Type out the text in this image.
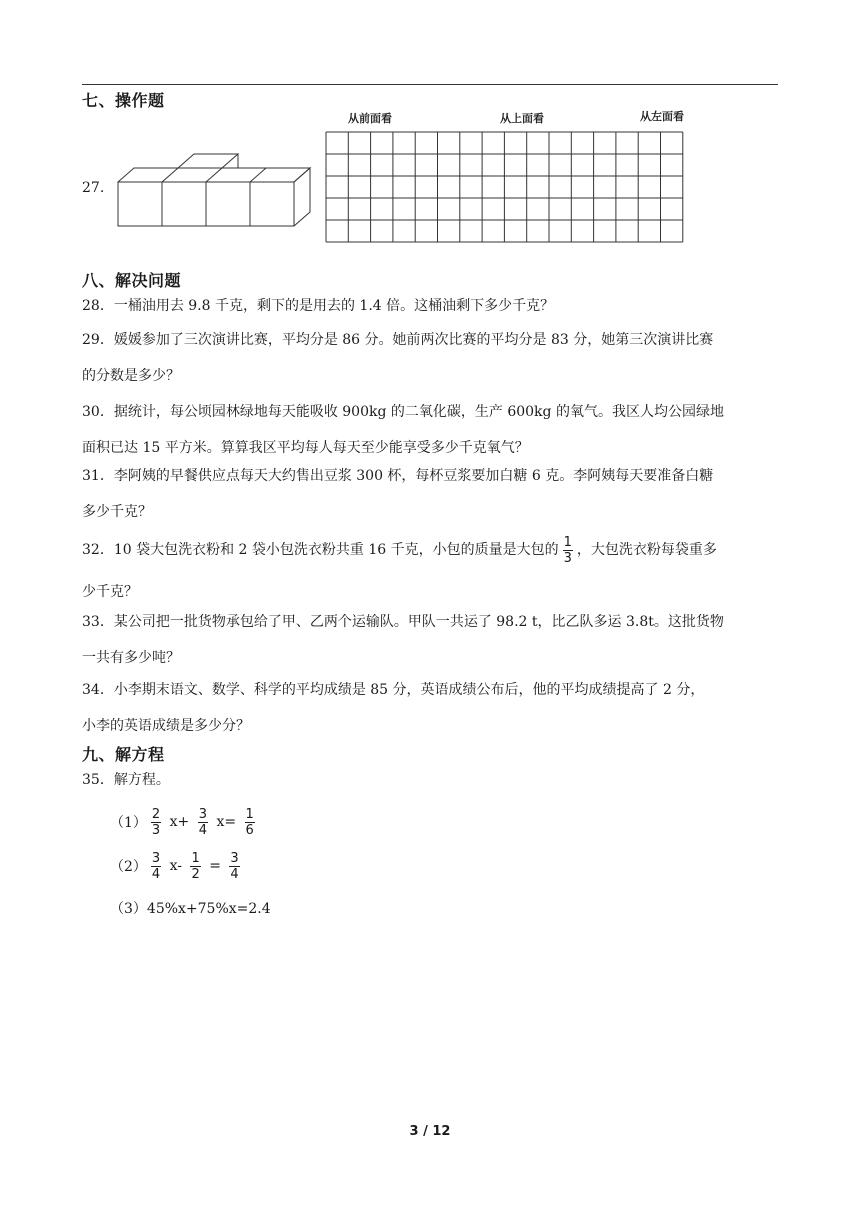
七、操作题
27.
从前面看	从上面看	从左面看
八、解决问题
28．一桶油用去 9.8 千克，剩下的是用去的 1.4 倍。这桶油剩下多少千克？
29．媛媛参加了三次演讲比赛，平均分是 86 分。她前两次比赛的平均分是 83 分，她第三次演讲比赛
的分数是多少？
30．据统计，每公顷园林绿地每天能吸收 900kg 的二氧化碳，生产 600kg 的氧气。我区人均公园绿地
面积已达 15 平方米。算算我区平均每人每天至少能享受多少千克氧气？
31．李阿姨的早餐供应点每天大约售出豆浆 300 杯，每杯豆浆要加白糖 6 克。李阿姨每天要准备白糖
多少千克？
32．10 袋大包洗衣粉和 2 袋小包洗衣粉共重 16 千克，小包的质量是大包的 $\frac{1}{3}$ ，大包洗衣粉每袋重多
少千克？
33．某公司把一批货物承包给了甲、乙两个运输队。甲队一共运了 98.2 t，比乙队多运 3.8t。这批货物
一共有多少吨？
34．小李期末语文、数学、科学的平均成绩是 85 分，英语成绩公布后，他的平均成绩提高了 2 分，
小李的英语成绩是多少分？
九、解方程
35．解方程。
$(1) \frac{2}{3} x+ \frac{3}{4} x= \frac{1}{6}$
$(2) \frac{3}{4} x- \frac{1}{2} = \frac{3}{4}$
（3）45%x+75%x=2.4
3 / 12
